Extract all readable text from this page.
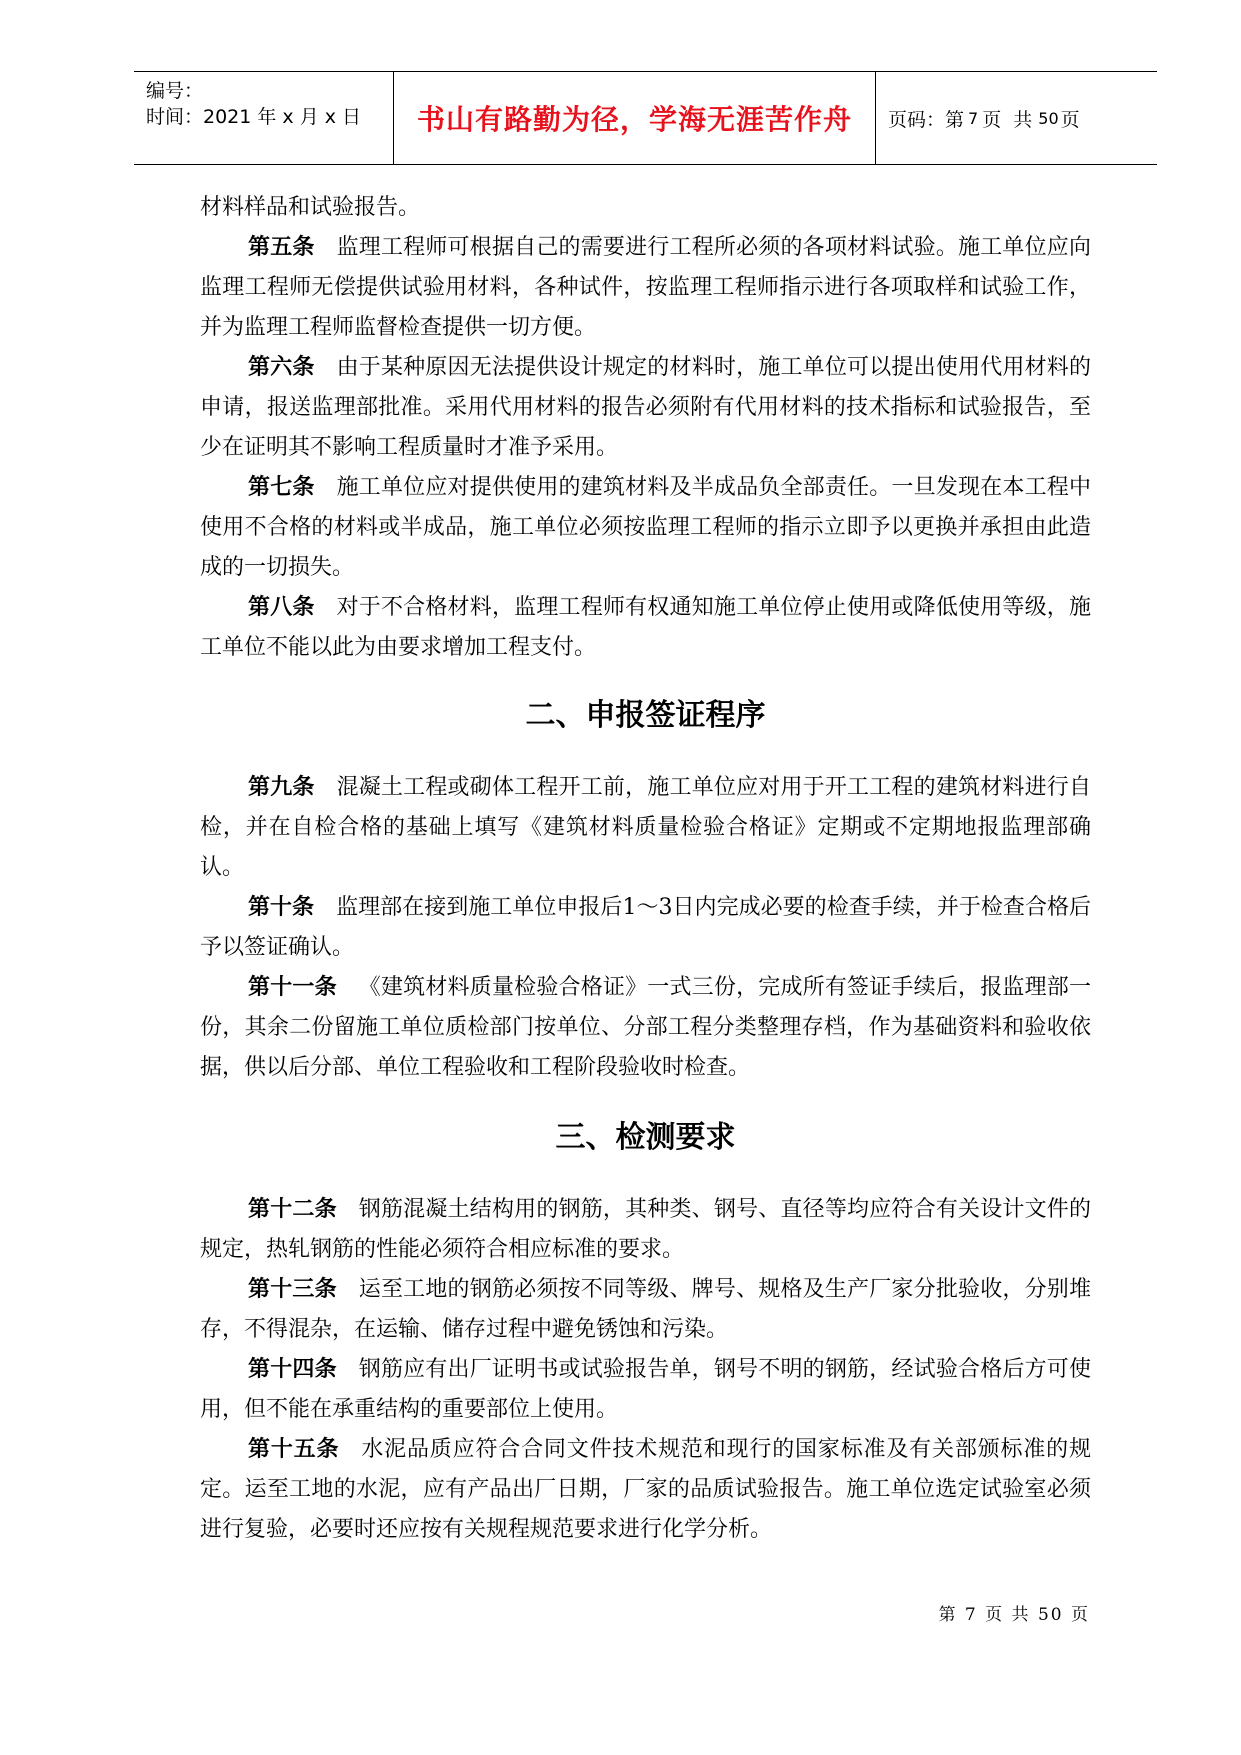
编号：
时间：2021 年 x 月 x 日	书山有路勤为径，学海无涯苦作舟	页码：第 7 页  共 50 页

材料样品和试验报告。

第五条 监理工程师可根据自己的需要进行工程所必须的各项材料试验。施工单位应向监理工程师无偿提供试验用材料，各种试件，按监理工程师指示进行各项取样和试验工作，并为监理工程师监督检查提供一切方便。

第六条 由于某种原因无法提供设计规定的材料时，施工单位可以提出使用代用材料的申请，报送监理部批准。采用代用材料的报告必须附有代用材料的技术指标和试验报告，至少在证明其不影响工程质量时才准予采用。

第七条 施工单位应对提供使用的建筑材料及半成品负全部责任。一旦发现在本工程中使用不合格的材料或半成品，施工单位必须按监理工程师的指示立即予以更换并承担由此造成的一切损失。

第八条 对于不合格材料，监理工程师有权通知施工单位停止使用或降低使用等级，施工单位不能以此为由要求增加工程支付。

二、申报签证程序

第九条 混凝土工程或砌体工程开工前，施工单位应对用于开工工程的建筑材料进行自检，并在自检合格的基础上填写《建筑材料质量检验合格证》定期或不定期地报监理部确认。

第十条 监理部在接到施工单位申报后1～3日内完成必要的检查手续，并于检查合格后予以签证确认。

第十一条 《建筑材料质量检验合格证》一式三份，完成所有签证手续后，报监理部一份，其余二份留施工单位质检部门按单位、分部工程分类整理存档，作为基础资料和验收依据，供以后分部、单位工程验收和工程阶段验收时检查。

三、检测要求

第十二条 钢筋混凝土结构用的钢筋，其种类、钢号、直径等均应符合有关设计文件的规定，热轧钢筋的性能必须符合相应标准的要求。

第十三条 运至工地的钢筋必须按不同等级、牌号、规格及生产厂家分批验收，分别堆存，不得混杂，在运输、储存过程中避免锈蚀和污染。

第十四条 钢筋应有出厂证明书或试验报告单，钢号不明的钢筋，经试验合格后方可使用，但不能在承重结构的重要部位上使用。

第十五条 水泥品质应符合合同文件技术规范和现行的国家标准及有关部颁标准的规定。运至工地的水泥，应有产品出厂日期，厂家的品质试验报告。施工单位选定试验室必须进行复验，必要时还应按有关规程规范要求进行化学分析。

第 7 页 共 50 页
